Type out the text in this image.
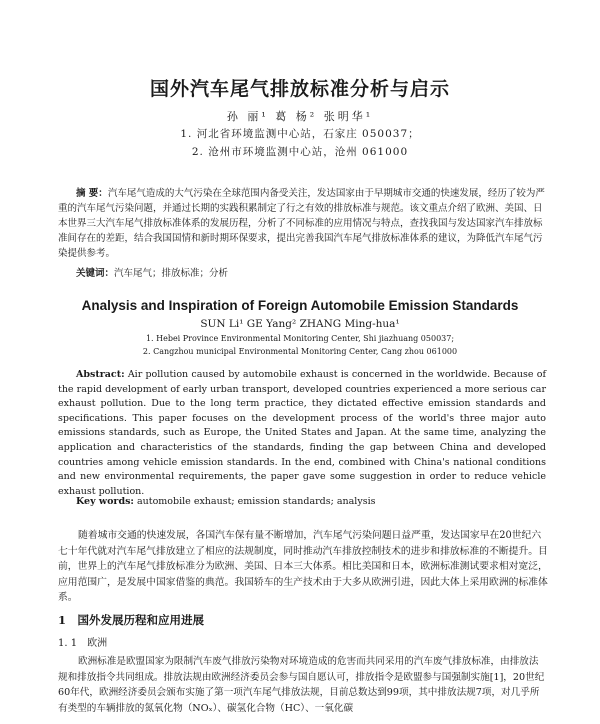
国外汽车尾气排放标准分析与启示
孙 丽¹ 葛 杨² 张明华¹
1. 河北省环境监测中心站，石家庄 050037；
2. 沧州市环境监测中心站，沧州 061000
摘 要：汽车尾气造成的大气污染在全球范围内备受关注，发达国家由于早期城市交通的快速发展，经历了较为严重的汽车尾气污染问题，并通过长期的实践积累制定了行之有效的排放标准与规范。该文重点介绍了欧洲、美国、日本世界三大汽车尾气排放标准体系的发展历程，分析了不同标准的应用情况与特点，查找我国与发达国家汽车排放标准间存在的差距，结合我国国情和新时期环保要求，提出完善我国汽车尾气排放标准体系的建议，为降低汽车尾气污染提供参考。
关键词：汽车尾气；排放标准；分析
Analysis and Inspiration of Foreign Automobile Emission Standards
SUN Li¹ GE Yang² ZHANG Ming-hua¹
1. Hebei Province Environmental Monitoring Center, Shi jiazhuang 050037;
2. Cangzhou municipal Environmental Monitoring Center, Cang zhou 061000
Abstract: Air pollution caused by automobile exhaust is concerned in the worldwide. Because of the rapid development of early urban transport, developed countries experienced a more serious car exhaust pollution. Due to the long term practice, they dictated effective emission standards and specifications. This paper focuses on the development process of the world's three major auto emissions standards, such as Europe, the United States and Japan. At the same time, analyzing the application and characteristics of the standards, finding the gap between China and developed countries among vehicle emission standards. In the end, combined with China's national conditions and new environmental requirements, the paper gave some suggestion in order to reduce vehicle exhaust pollution.
Key words: automobile exhaust; emission standards; analysis
随着城市交通的快速发展，各国汽车保有量不断增加，汽车尾气污染问题日益严重，发达国家早在20世纪六七十年代就对汽车尾气排放建立了相应的法规制度，同时推动汽车排放控制技术的进步和排放标准的不断提升。目前，世界上的汽车尾气排放标准分为欧洲、美国、日本三大体系。相比美国和日本，欧洲标准测试要求相对宽泛，应用范围广，是发展中国家借鉴的典范。我国轿车的生产技术由于大多从欧洲引进，因此大体上采用欧洲的标准体系。
1　国外发展历程和应用进展
1. 1　欧洲
欧洲标准是欧盟国家为限制汽车废气排放污染物对环境造成的危害而共同采用的汽车废气排放标准，由排放法规和排放指令共同组成。排放法规由欧洲经济委员会参与国自愿认可，排放指令是欧盟参与国强制实施[1]，20世纪60年代，欧洲经济委员会颁布实施了第一项汽车尾气排放法规，目前总数达到99项，其中排放法规7项，对几乎所有类型的车辆排放的氮氧化物（NOₓ）、碳氢化合物（HC）、一氧化碳
